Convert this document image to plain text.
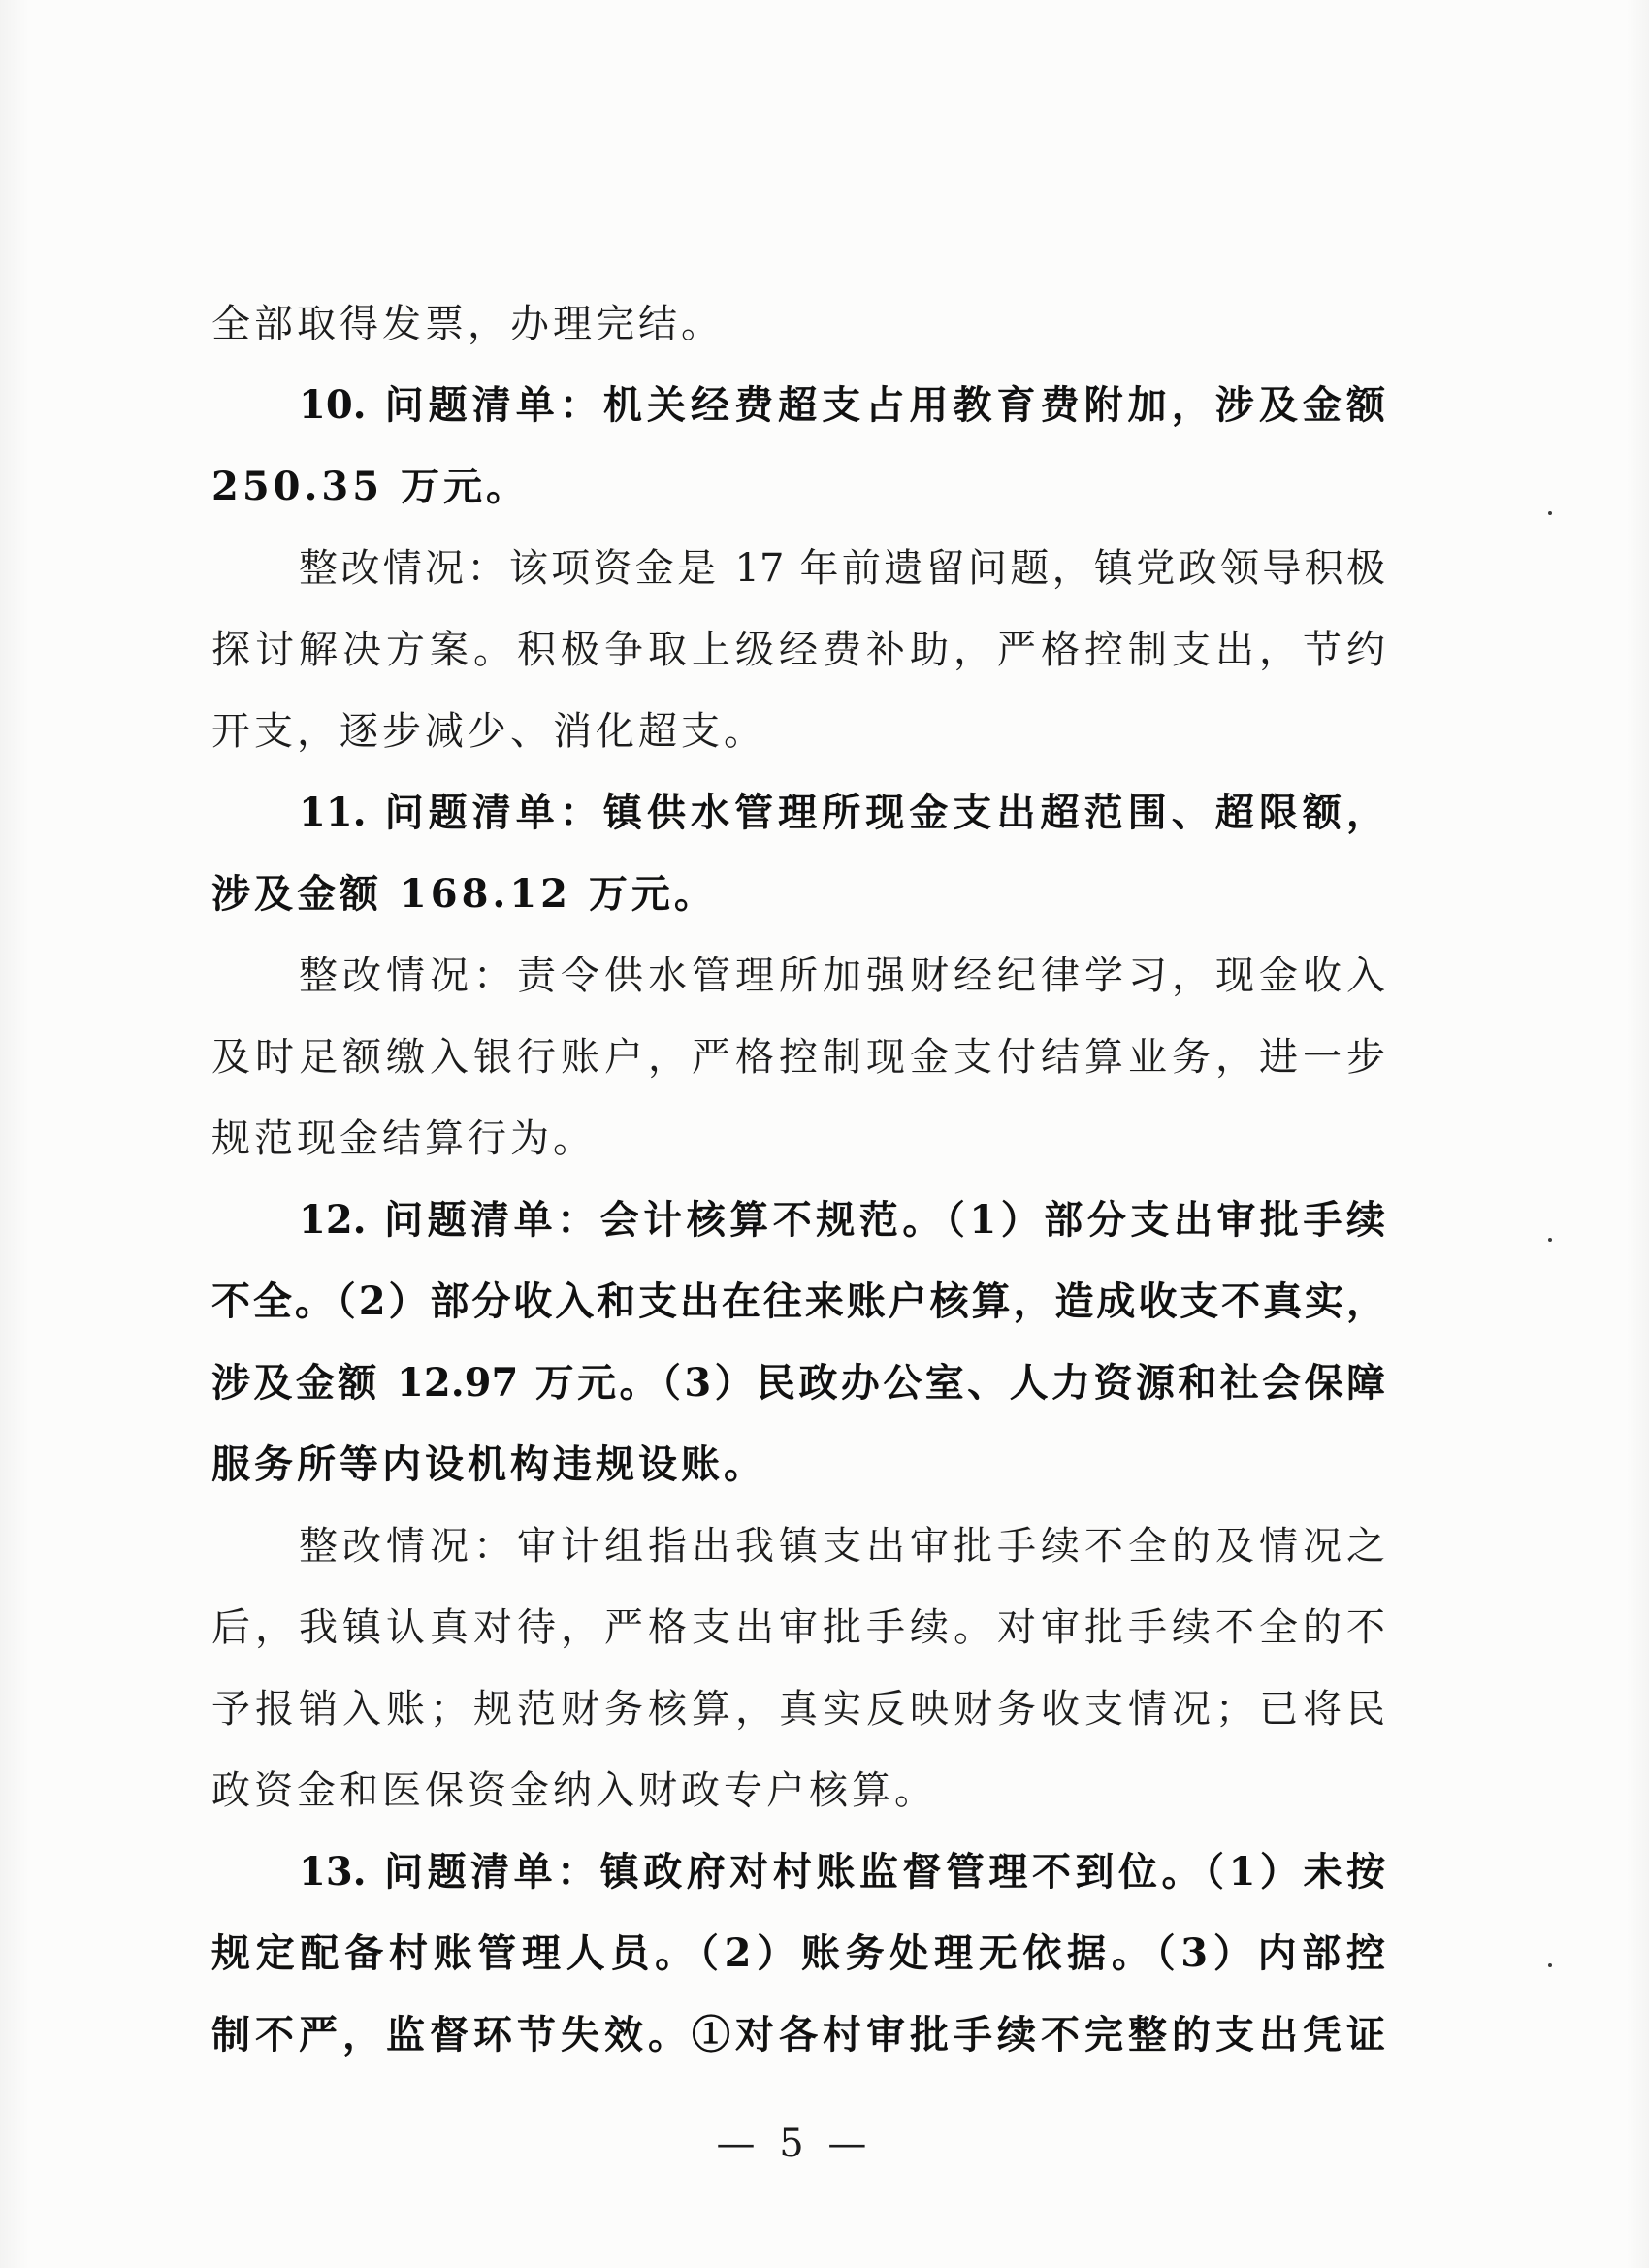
全部取得发票，办理完结。
10. 问题清单：机关经费超支占用教育费附加，涉及金额
250.35 万元。
整改情况：该项资金是 17 年前遗留问题，镇党政领导积极
探讨解决方案。积极争取上级经费补助，严格控制支出，节约
开支，逐步减少、消化超支。
11. 问题清单：镇供水管理所现金支出超范围、超限额，
涉及金额 168.12 万元。
整改情况：责令供水管理所加强财经纪律学习，现金收入
及时足额缴入银行账户，严格控制现金支付结算业务，进一步
规范现金结算行为。
12. 问题清单：会计核算不规范。（1）部分支出审批手续
不全。（2）部分收入和支出在往来账户核算，造成收支不真实，
涉及金额 12.97 万元。（3）民政办公室、人力资源和社会保障
服务所等内设机构违规设账。
整改情况：审计组指出我镇支出审批手续不全的及情况之
后，我镇认真对待，严格支出审批手续。对审批手续不全的不
予报销入账；规范财务核算，真实反映财务收支情况；已将民
政资金和医保资金纳入财政专户核算。
13. 问题清单：镇政府对村账监督管理不到位。（1）未按
规定配备村账管理人员。（2）账务处理无依据。（3）内部控
制不严，监督环节失效。①对各村审批手续不完整的支出凭证
— 5 —
